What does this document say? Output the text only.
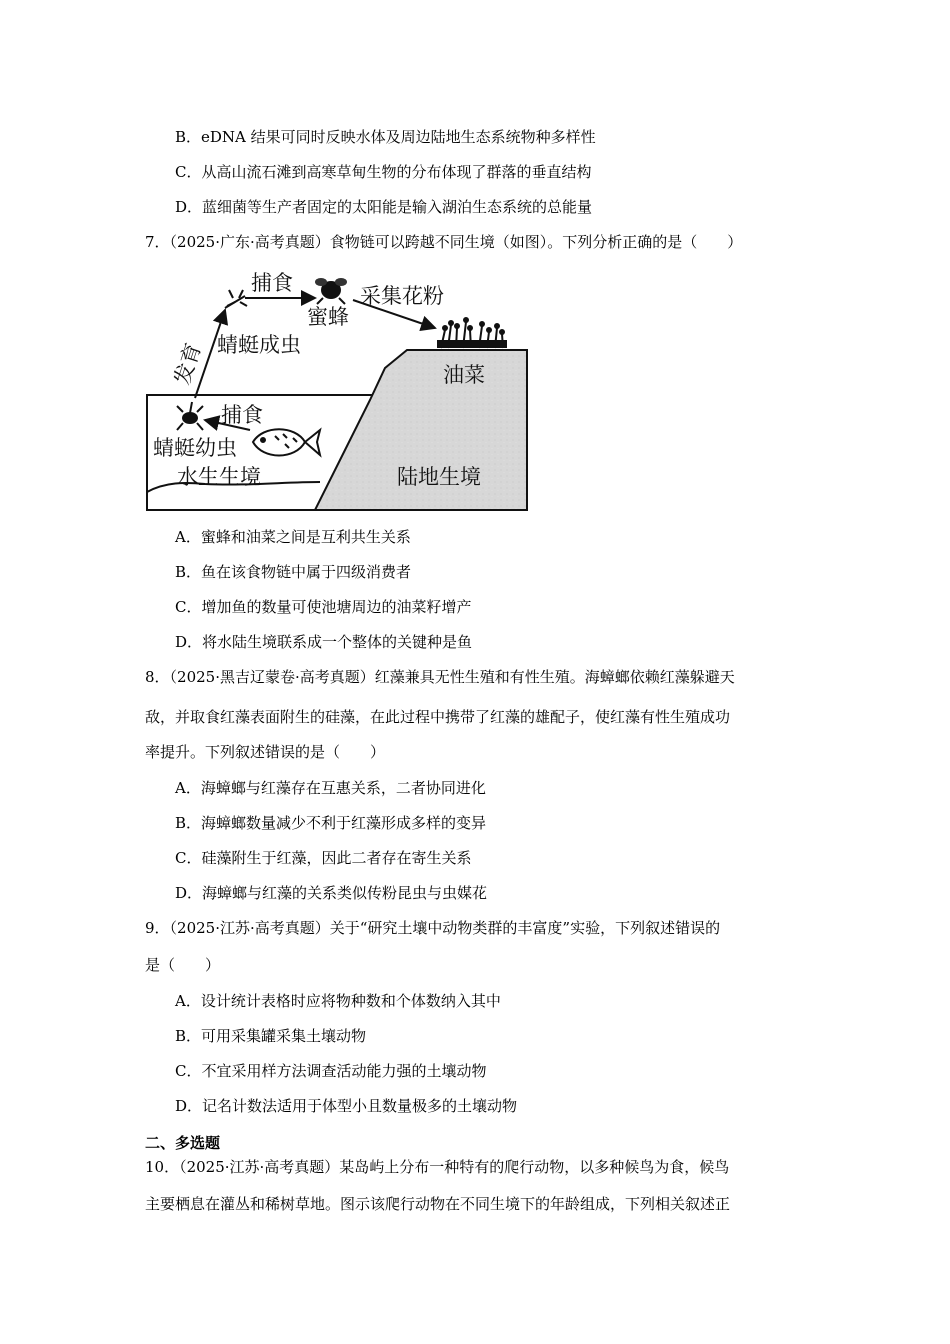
B．eDNA 结果可同时反映水体及周边陆地生态系统物种多样性
C．从高山流石滩到高寒草甸生物的分布体现了群落的垂直结构
D．蓝细菌等生产者固定的太阳能是输入湖泊生态系统的总能量
7．（2025·广东·高考真题）食物链可以跨越不同生境（如图）。下列分析正确的是（　　）
捕食
蜜蜂
采集花粉
蜻蜓成虫
发育	油菜
捕食
蜻蜓幼虫
水生生境	陆地生境
A．蜜蜂和油菜之间是互利共生关系
B．鱼在该食物链中属于四级消费者
C．增加鱼的数量可使池塘周边的油菜籽增产
D．将水陆生境联系成一个整体的关键种是鱼
8．（2025·黑吉辽蒙卷·高考真题）红藻兼具无性生殖和有性生殖。海蟑螂依赖红藻躲避天
敌，并取食红藻表面附生的硅藻，在此过程中携带了红藻的雄配子，使红藻有性生殖成功
率提升。下列叙述错误的是（　　）
A．海蟑螂与红藻存在互惠关系，二者协同进化
B．海蟑螂数量减少不利于红藻形成多样的变异
C．硅藻附生于红藻，因此二者存在寄生关系
D．海蟑螂与红藻的关系类似传粉昆虫与虫媒花
9．（2025·江苏·高考真题）关于“研究土壤中动物类群的丰富度”实验，下列叙述错误的
是（　　）
A．设计统计表格时应将物种数和个体数纳入其中
B．可用采集罐采集土壤动物
C．不宜采用样方法调查活动能力强的土壤动物
D．记名计数法适用于体型小且数量极多的土壤动物
二、多选题
10．（2025·江苏·高考真题）某岛屿上分布一种特有的爬行动物，以多种候鸟为食，候鸟
主要栖息在灌丛和稀树草地。图示该爬行动物在不同生境下的年龄组成，下列相关叙述正
